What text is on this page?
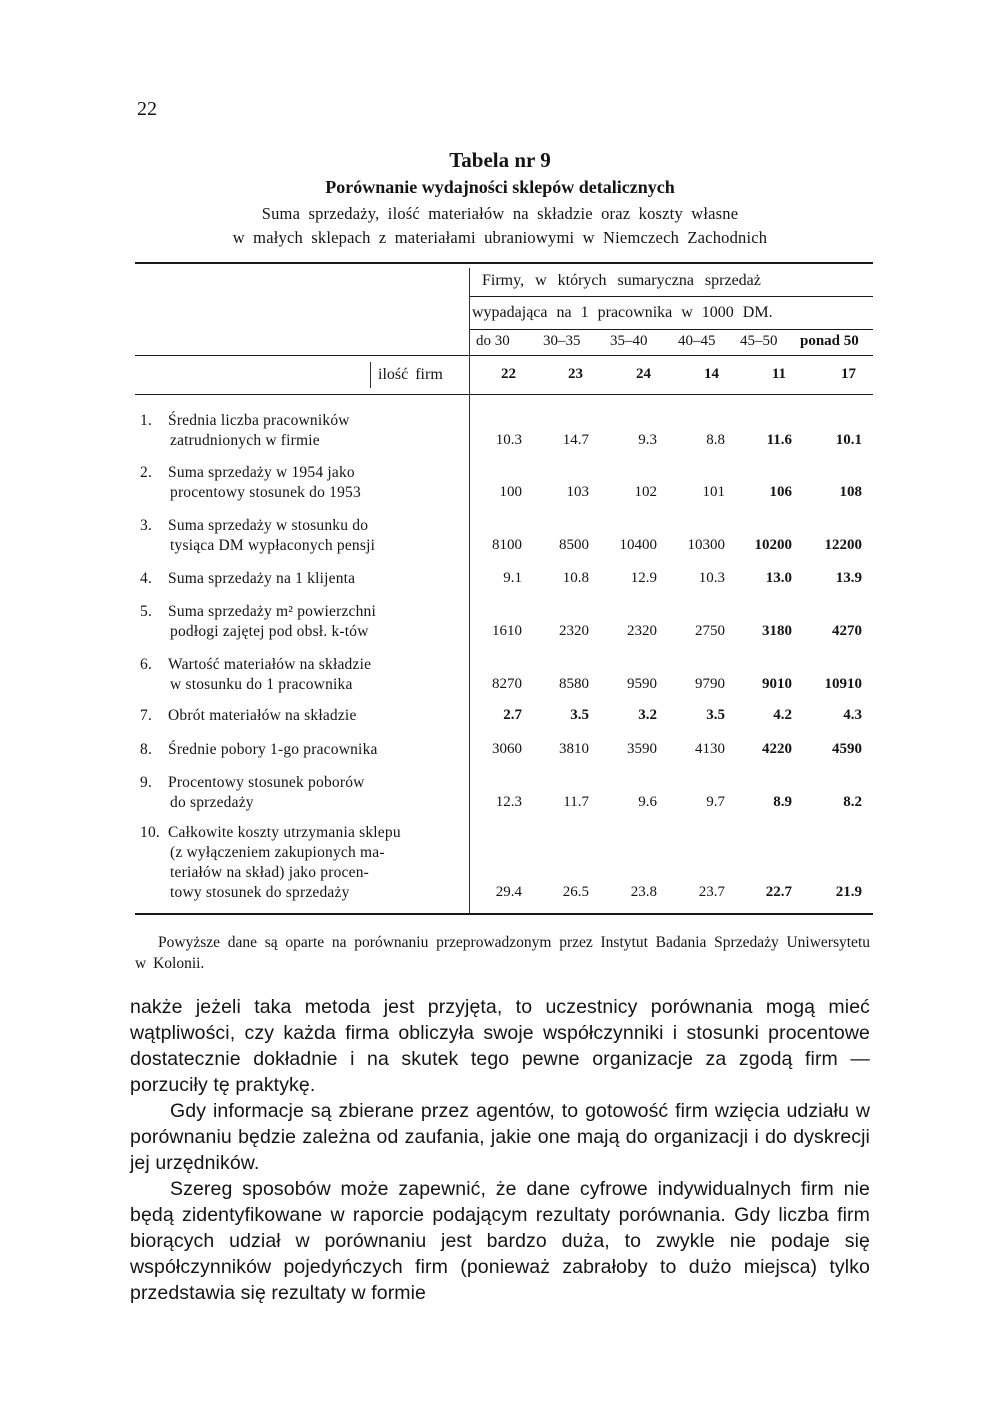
22
Tabela nr 9
Porównanie wydajności sklepów detalicznych
Suma sprzedaży, ilość materiałów na składzie oraz koszty własne
w małych sklepach z materiałami ubraniowymi w Niemczech Zachodnich
Firmy, w których sumaryczna sprzedaż
wypadająca na 1 pracownika w 1000 DM.
do 30 30–35 35–40 40–45 45–50 ponad 50
ilość firm	22	23	24	14	11	17
1. Średnia liczba pracowników
zatrudnionych w firmie	10.3	14.7	9.3	8.8	11.6	10.1
2. Suma sprzedaży w 1954 jako
procentowy stosunek do 1953	100	103	102	101	106	108
3. Suma sprzedaży w stosunku do
tysiąca DM wypłaconych pensji	8100	8500	10400	10300	10200	12200
4. Suma sprzedaży na 1 klijenta	9.1	10.8	12.9	10.3	13.0	13.9
5. Suma sprzedaży m² powierzchni
podłogi zajętej pod obsł. k-tów	1610	2320	2320	2750	3180	4270
6. Wartość materiałów na składzie
w stosunku do 1 pracownika	8270	8580	9590	9790	9010	10910
7. Obrót materiałów na składzie	2.7	3.5	3.2	3.5	4.2	4.3
8. Średnie pobory 1-go pracownika	3060	3810	3590	4130	4220	4590
9. Procentowy stosunek poborów
do sprzedaży	12.3	11.7	9.6	9.7	8.9	8.2
10. Całkowite koszty utrzymania sklepu
(z wyłączeniem zakupionych ma-
teriałów na skład) jako procen-
towy stosunek do sprzedaży	29.4	26.5	23.8	23.7	22.7	21.9
Powyższe dane są oparte na porównaniu przeprowadzonym przez Instytut Badania Sprzedaży Uniwersytetu w Kolonii.
nakże jeżeli taka metoda jest przyjęta, to uczestnicy porównania mogą mieć wątpliwości, czy każda firma obliczyła swoje współczynniki i stosunki procentowe dostatecznie dokładnie i na skutek tego pewne organizacje za zgodą firm — porzuciły tę praktykę.
Gdy informacje są zbierane przez agentów, to gotowość firm wzięcia udziału w porównaniu będzie zależna od zaufania, jakie one mają do organizacji i do dyskrecji jej urzędników.
Szereg sposobów może zapewnić, że dane cyfrowe indywidualnych firm nie będą zidentyfikowane w raporcie podającym rezultaty porównania. Gdy liczba firm biorących udział w porównaniu jest bardzo duża, to zwykle nie podaje się współczynników pojedyńczych firm (ponieważ zabrałoby to dużo miejsca) tylko przedstawia się rezultaty w formie
